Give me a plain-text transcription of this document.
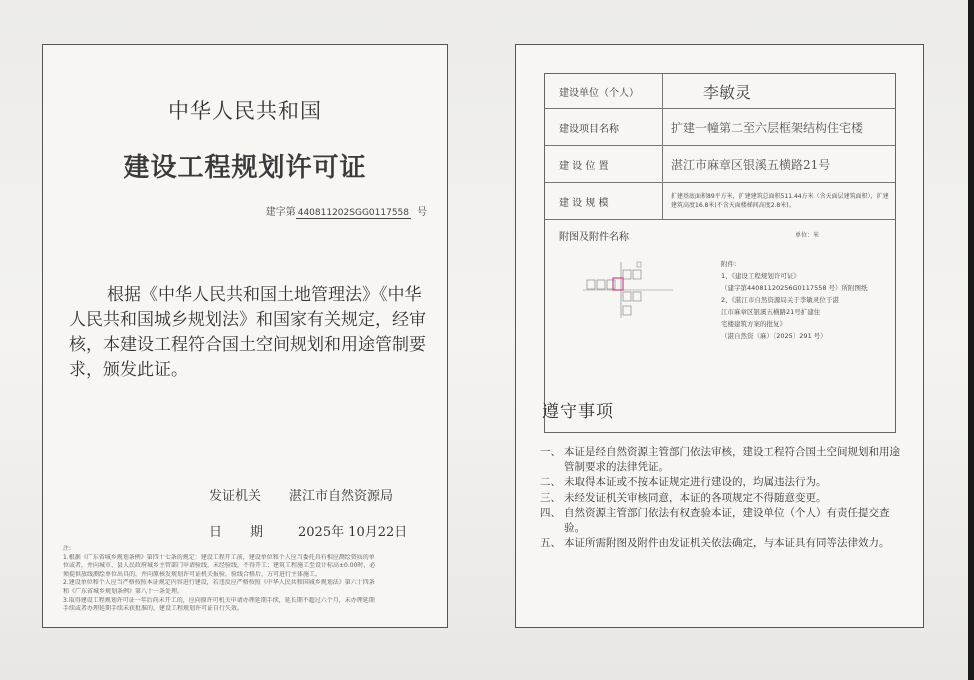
中华人民共和国
建设工程规划许可证
建字第 440811202SGG0117558 号
根据《中华人民共和国土地管理法》《中华人民共和国城乡规划法》和国家有关规定，经审核，本建设工程符合国土空间规划和用途管制要求，颁发此证。
发证机关 湛江市自然资源局
日期 2025年 10月22日
注:
1.根据《广东省城乡规划条例》第四十七条的规定：建设工程开工前，建设单位和个人应当委托具有相应测绘资质的单
位或者，并向城市、县人民政府城乡主管部门申请验线，未经验线，不得开工；建筑工程施工至设计标高±0.00时，必
须提供放线测绘单位出具的，并向原核发规划许可证机关报验，验线合格后，方可进行主体施工。
2.建设单位和个人应当严格按照本证规定内容进行建设，若违反应严格按照《中华人民共和国城乡规划法》第六十四条
和《广东省城乡规划条例》第八十一条处理。
3.取得建设工程规划许可证一年后尚未开工的，应向原许可机关申请办理延期手续，延长期不超过六个月，未办理延期
手续或者办理延期手续未获批准的，建设工程规划许可证自行失效。
建设单位（个人）	李敏灵
建设项目名称	扩建一幢第二至六层框架结构住宅楼
建 设 位 置	湛江市麻章区银溪五横路21号
建 设 规 模
扩建基底面积89平方米，扩建建筑总面积511.44方米（含天面层建筑面积），扩建建筑高度16.8米(不含天面楼梯间高度2.8米)。
附图及附件名称	单位：米
附件：
1、《建设工程规划许可证》
（建字第44081120256G0117558 号）所附图纸
2、《湛江市自然资源局关于李敏灵位于湛
江市麻章区银溪五横路21号扩建住
宅楼建筑方案的批复》
（湛自然资（麻）〔2025〕291 号）
遵守事项
一、 本证是经自然资源主管部门依法审核，建设工程符合国土空间规划和用途管制要求的法律凭证。
二、 未取得本证或不按本证规定进行建设的，均属违法行为。
三、 未经发证机关审核同意，本证的各项规定不得随意变更。
四、 自然资源主管部门依法有权查验本证，建设单位（个人）有责任提交查验。
五、 本证所需附图及附件由发证机关依法确定，与本证具有同等法律效力。
